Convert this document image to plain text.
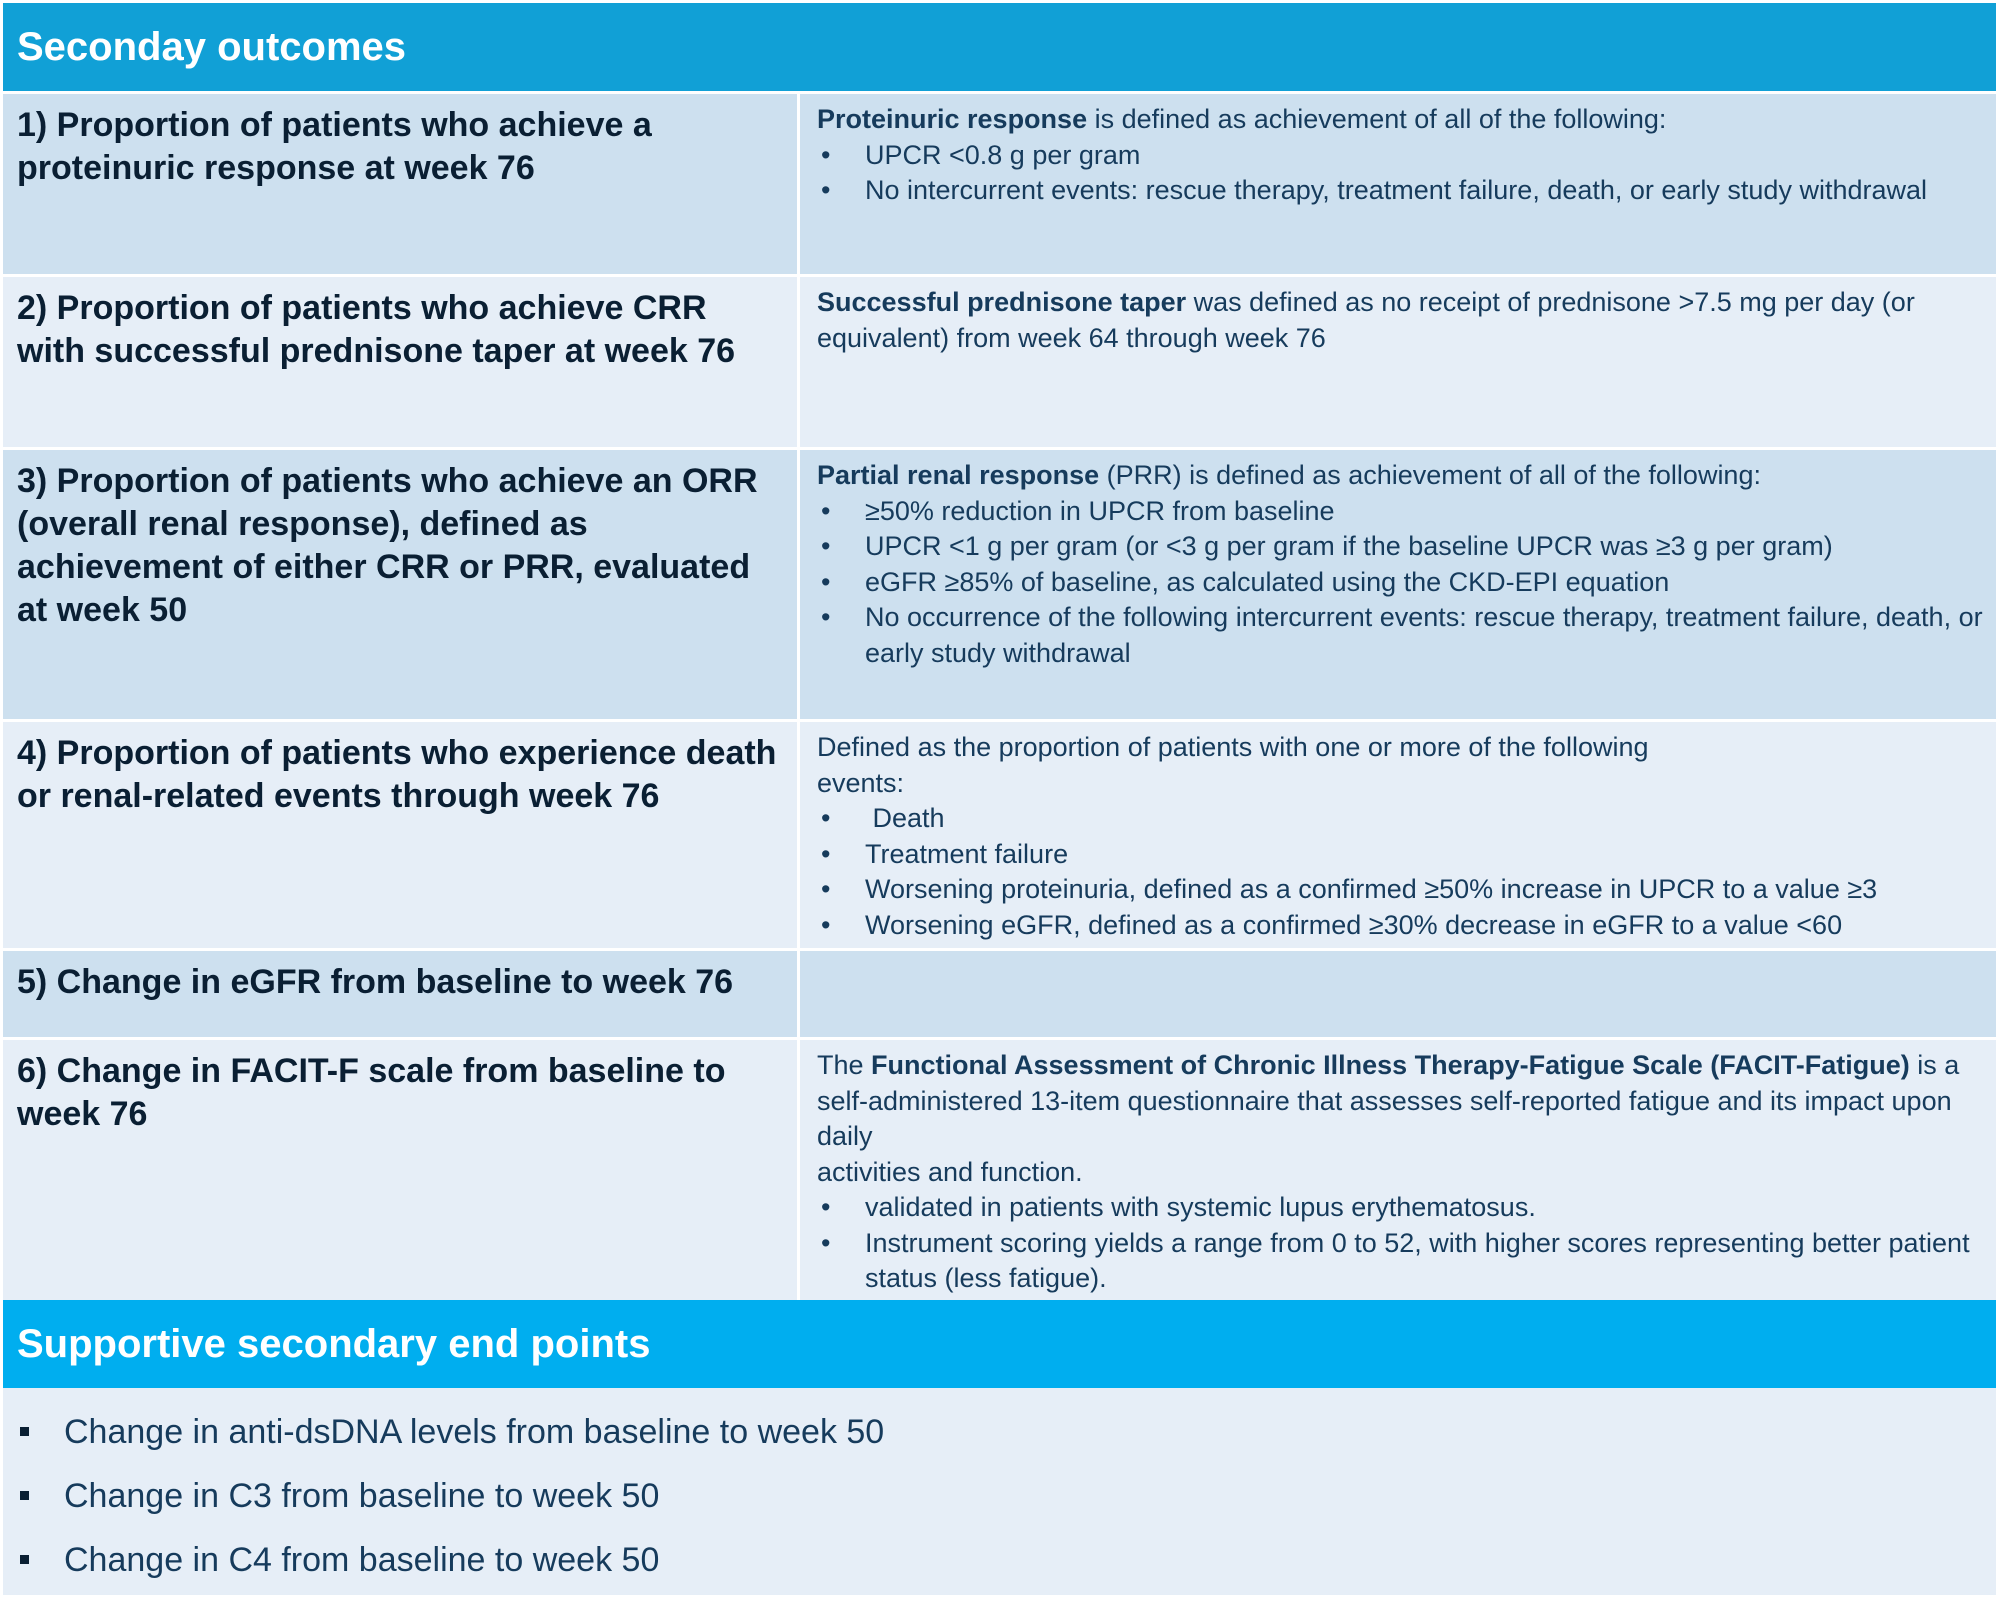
Seconday outcomes
1) Proportion of patients who achieve a proteinuric response at week 76
Proteinuric response is defined as achievement of all of the following:
• UPCR <0.8 g per gram
• No intercurrent events: rescue therapy, treatment failure, death, or early study withdrawal
2) Proportion of patients who achieve CRR with successful prednisone taper at week 76
Successful prednisone taper was defined as no receipt of prednisone >7.5 mg per day (or equivalent) from week 64 through week 76
3) Proportion of patients who achieve an ORR (overall renal response), defined as achievement of either CRR or PRR, evaluated at week 50
Partial renal response (PRR) is defined as achievement of all of the following:
• ≥50% reduction in UPCR from baseline
• UPCR <1 g per gram (or <3 g per gram if the baseline UPCR was ≥3 g per gram)
• eGFR ≥85% of baseline, as calculated using the CKD-EPI equation
• No occurrence of the following intercurrent events: rescue therapy, treatment failure, death, or early study withdrawal
4) Proportion of patients who experience death or renal-related events through week 76
Defined as the proportion of patients with one or more of the following
events:
•  Death
• Treatment failure
• Worsening proteinuria, defined as a confirmed ≥50% increase in UPCR to a value ≥3
• Worsening eGFR, defined as a confirmed ≥30% decrease in eGFR to a value <60
5) Change in eGFR from baseline to week 76
6) Change in FACIT-F scale from baseline to week 76
The Functional Assessment of Chronic Illness Therapy-Fatigue Scale (FACIT-Fatigue) is a self-administered 13-item questionnaire that assesses self-reported fatigue and its impact upon daily
activities and function.
• validated in patients with systemic lupus erythematosus.
• Instrument scoring yields a range from 0 to 52, with higher scores representing better patient status (less fatigue).
Supportive secondary end points
Change in anti-dsDNA levels from baseline to week 50
Change in C3 from baseline to week 50
Change in C4 from baseline to week 50
